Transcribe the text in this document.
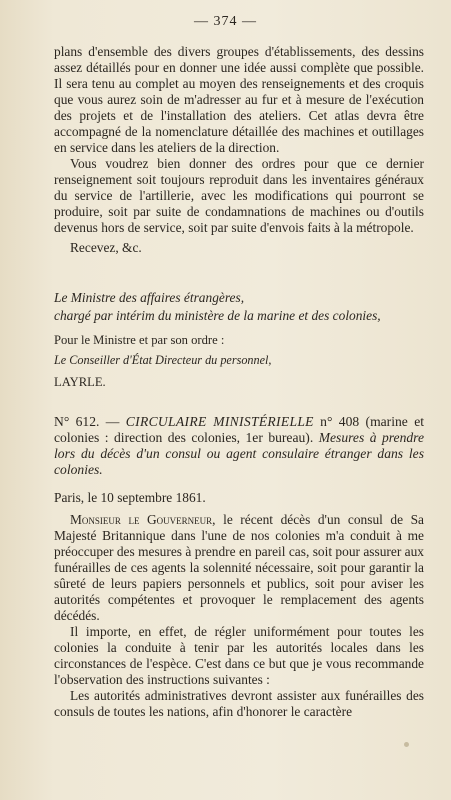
— 374 —

plans d'ensemble des divers groupes d'établissements, des dessins assez détaillés pour en donner une idée aussi complète que possible. Il sera tenu au complet au moyen des renseignements et des croquis que vous aurez soin de m'adresser au fur et à mesure de l'exécution des projets et de l'installation des ateliers. Cet atlas devra être accompagné de la nomenclature détaillée des machines et outillages en service dans les ateliers de la direction.

Vous voudrez bien donner des ordres pour que ce dernier renseignement soit toujours reproduit dans les inventaires généraux du service de l'artillerie, avec les modifications qui pourront se produire, soit par suite de condamnations de machines ou d'outils devenus hors de service, soit par suite d'envois faits à la métropole.

Recevez, &c.

Le Ministre des affaires étrangères,

chargé par intérim du ministère de la marine et des colonies,

Pour le Ministre et par son ordre :

Le Conseiller d'État Directeur du personnel,

LAYRLE.

N° 612. — CIRCULAIRE MINISTÉRIELLE n° 408 (marine et colonies : direction des colonies, 1er bureau). Mesures à prendre lors du décès d'un consul ou agent consulaire étranger dans les colonies.

Paris, le 10 septembre 1861.

Monsieur le Gouverneur, le récent décès d'un consul de Sa Majesté Britannique dans l'une de nos colonies m'a conduit à me préoccuper des mesures à prendre en pareil cas, soit pour assurer aux funérailles de ces agents la solennité nécessaire, soit pour garantir la sûreté de leurs papiers personnels et publics, soit pour aviser les autorités compétentes et provoquer le remplacement des agents décédés.

Il importe, en effet, de régler uniformément pour toutes les colonies la conduite à tenir par les autorités locales dans les circonstances de l'espèce. C'est dans ce but que je vous recommande l'observation des instructions suivantes :

Les autorités administratives devront assister aux funérailles des consuls de toutes les nations, afin d'honorer le caractère
